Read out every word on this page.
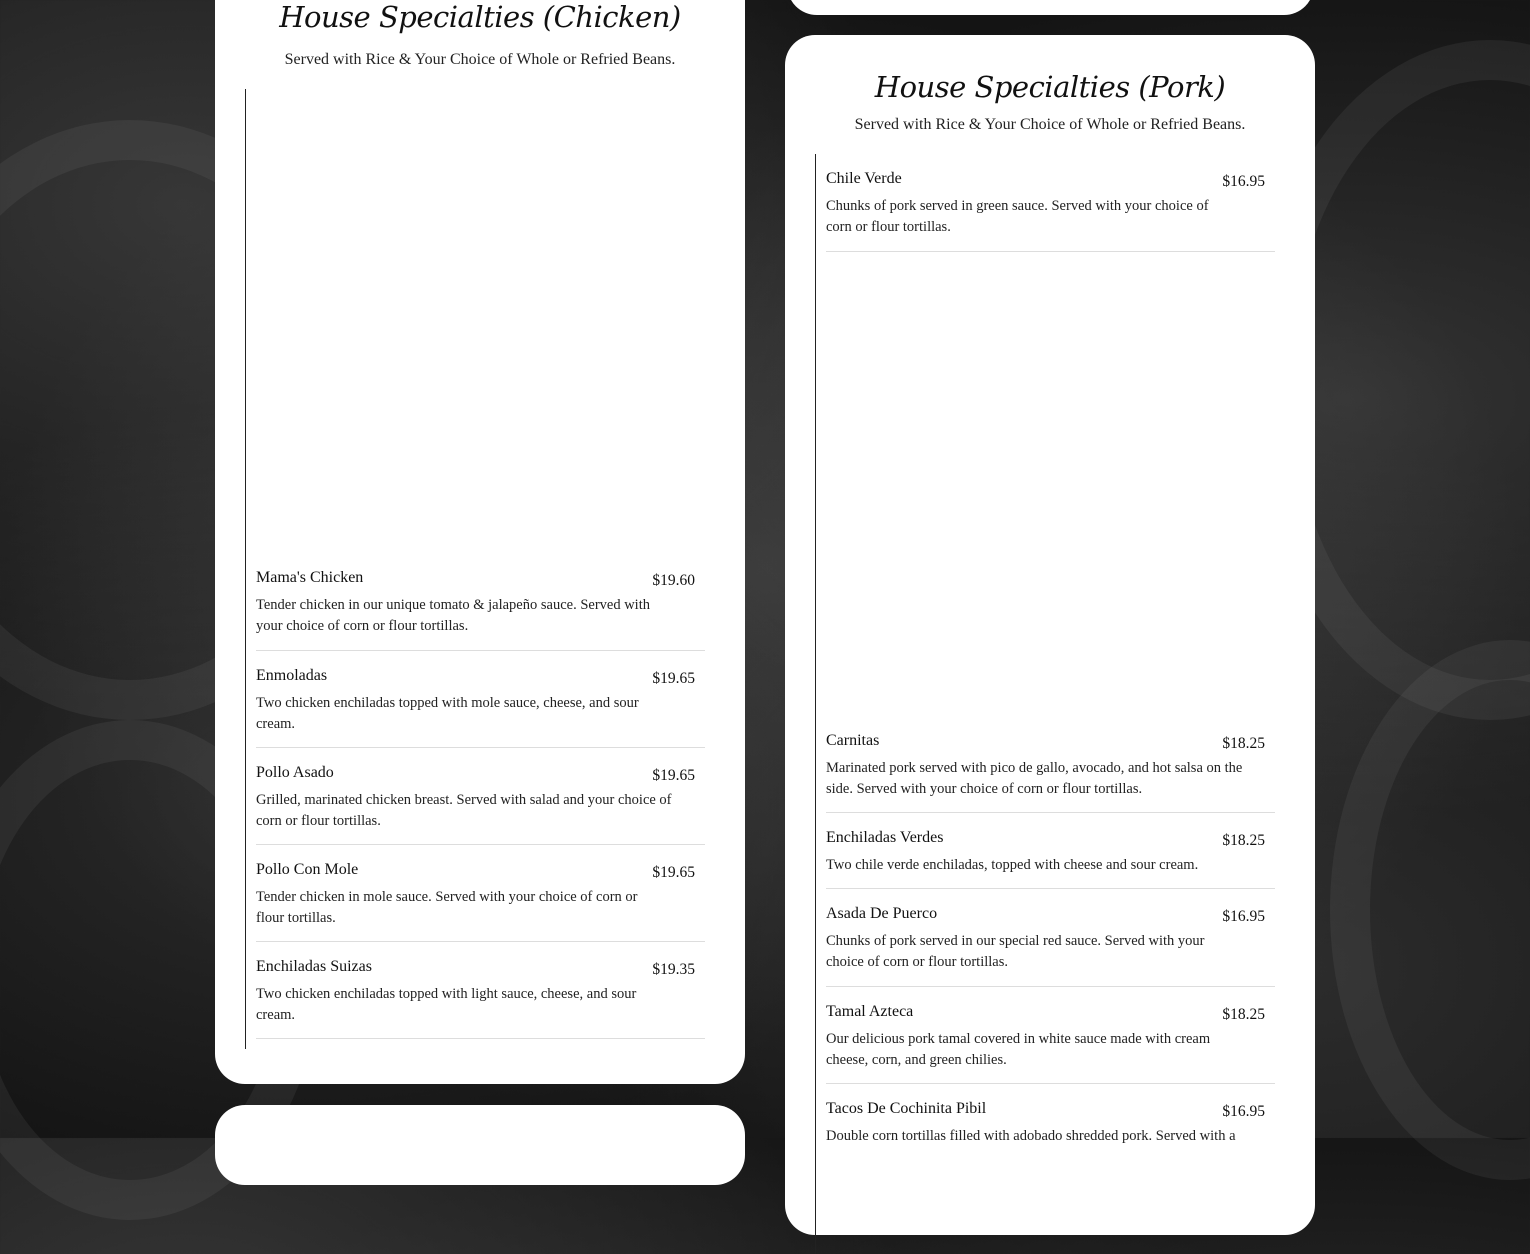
House Specialties (Chicken)
Served with Rice & Your Choice of Whole or Refried Beans.
Mama's Chicken	$19.60
Tender chicken in our unique tomato & jalapeño sauce. Served with your choice of corn or flour tortillas.
Enmoladas	$19.65
Two chicken enchiladas topped with mole sauce, cheese, and sour cream.
Pollo Asado	$19.65
Grilled, marinated chicken breast. Served with salad and your choice of corn or flour tortillas.
Pollo Con Mole	$19.65
Tender chicken in mole sauce. Served with your choice of corn or flour tortillas.
Enchiladas Suizas	$19.35
Two chicken enchiladas topped with light sauce, cheese, and sour cream.
House Specialties (Pork)
Served with Rice & Your Choice of Whole or Refried Beans.
Chile Verde	$16.95
Chunks of pork served in green sauce. Served with your choice of corn or flour tortillas.
Carnitas	$18.25
Marinated pork served with pico de gallo, avocado, and hot salsa on the side. Served with your choice of corn or flour tortillas.
Enchiladas Verdes	$18.25
Two chile verde enchiladas, topped with cheese and sour cream.
Asada De Puerco	$16.95
Chunks of pork served in our special red sauce. Served with your choice of corn or flour tortillas.
Tamal Azteca	$18.25
Our delicious pork tamal covered in white sauce made with cream cheese, corn, and green chilies.
Tacos De Cochinita Pibil	$16.95
Double corn tortillas filled with adobado shredded pork. Served with a
